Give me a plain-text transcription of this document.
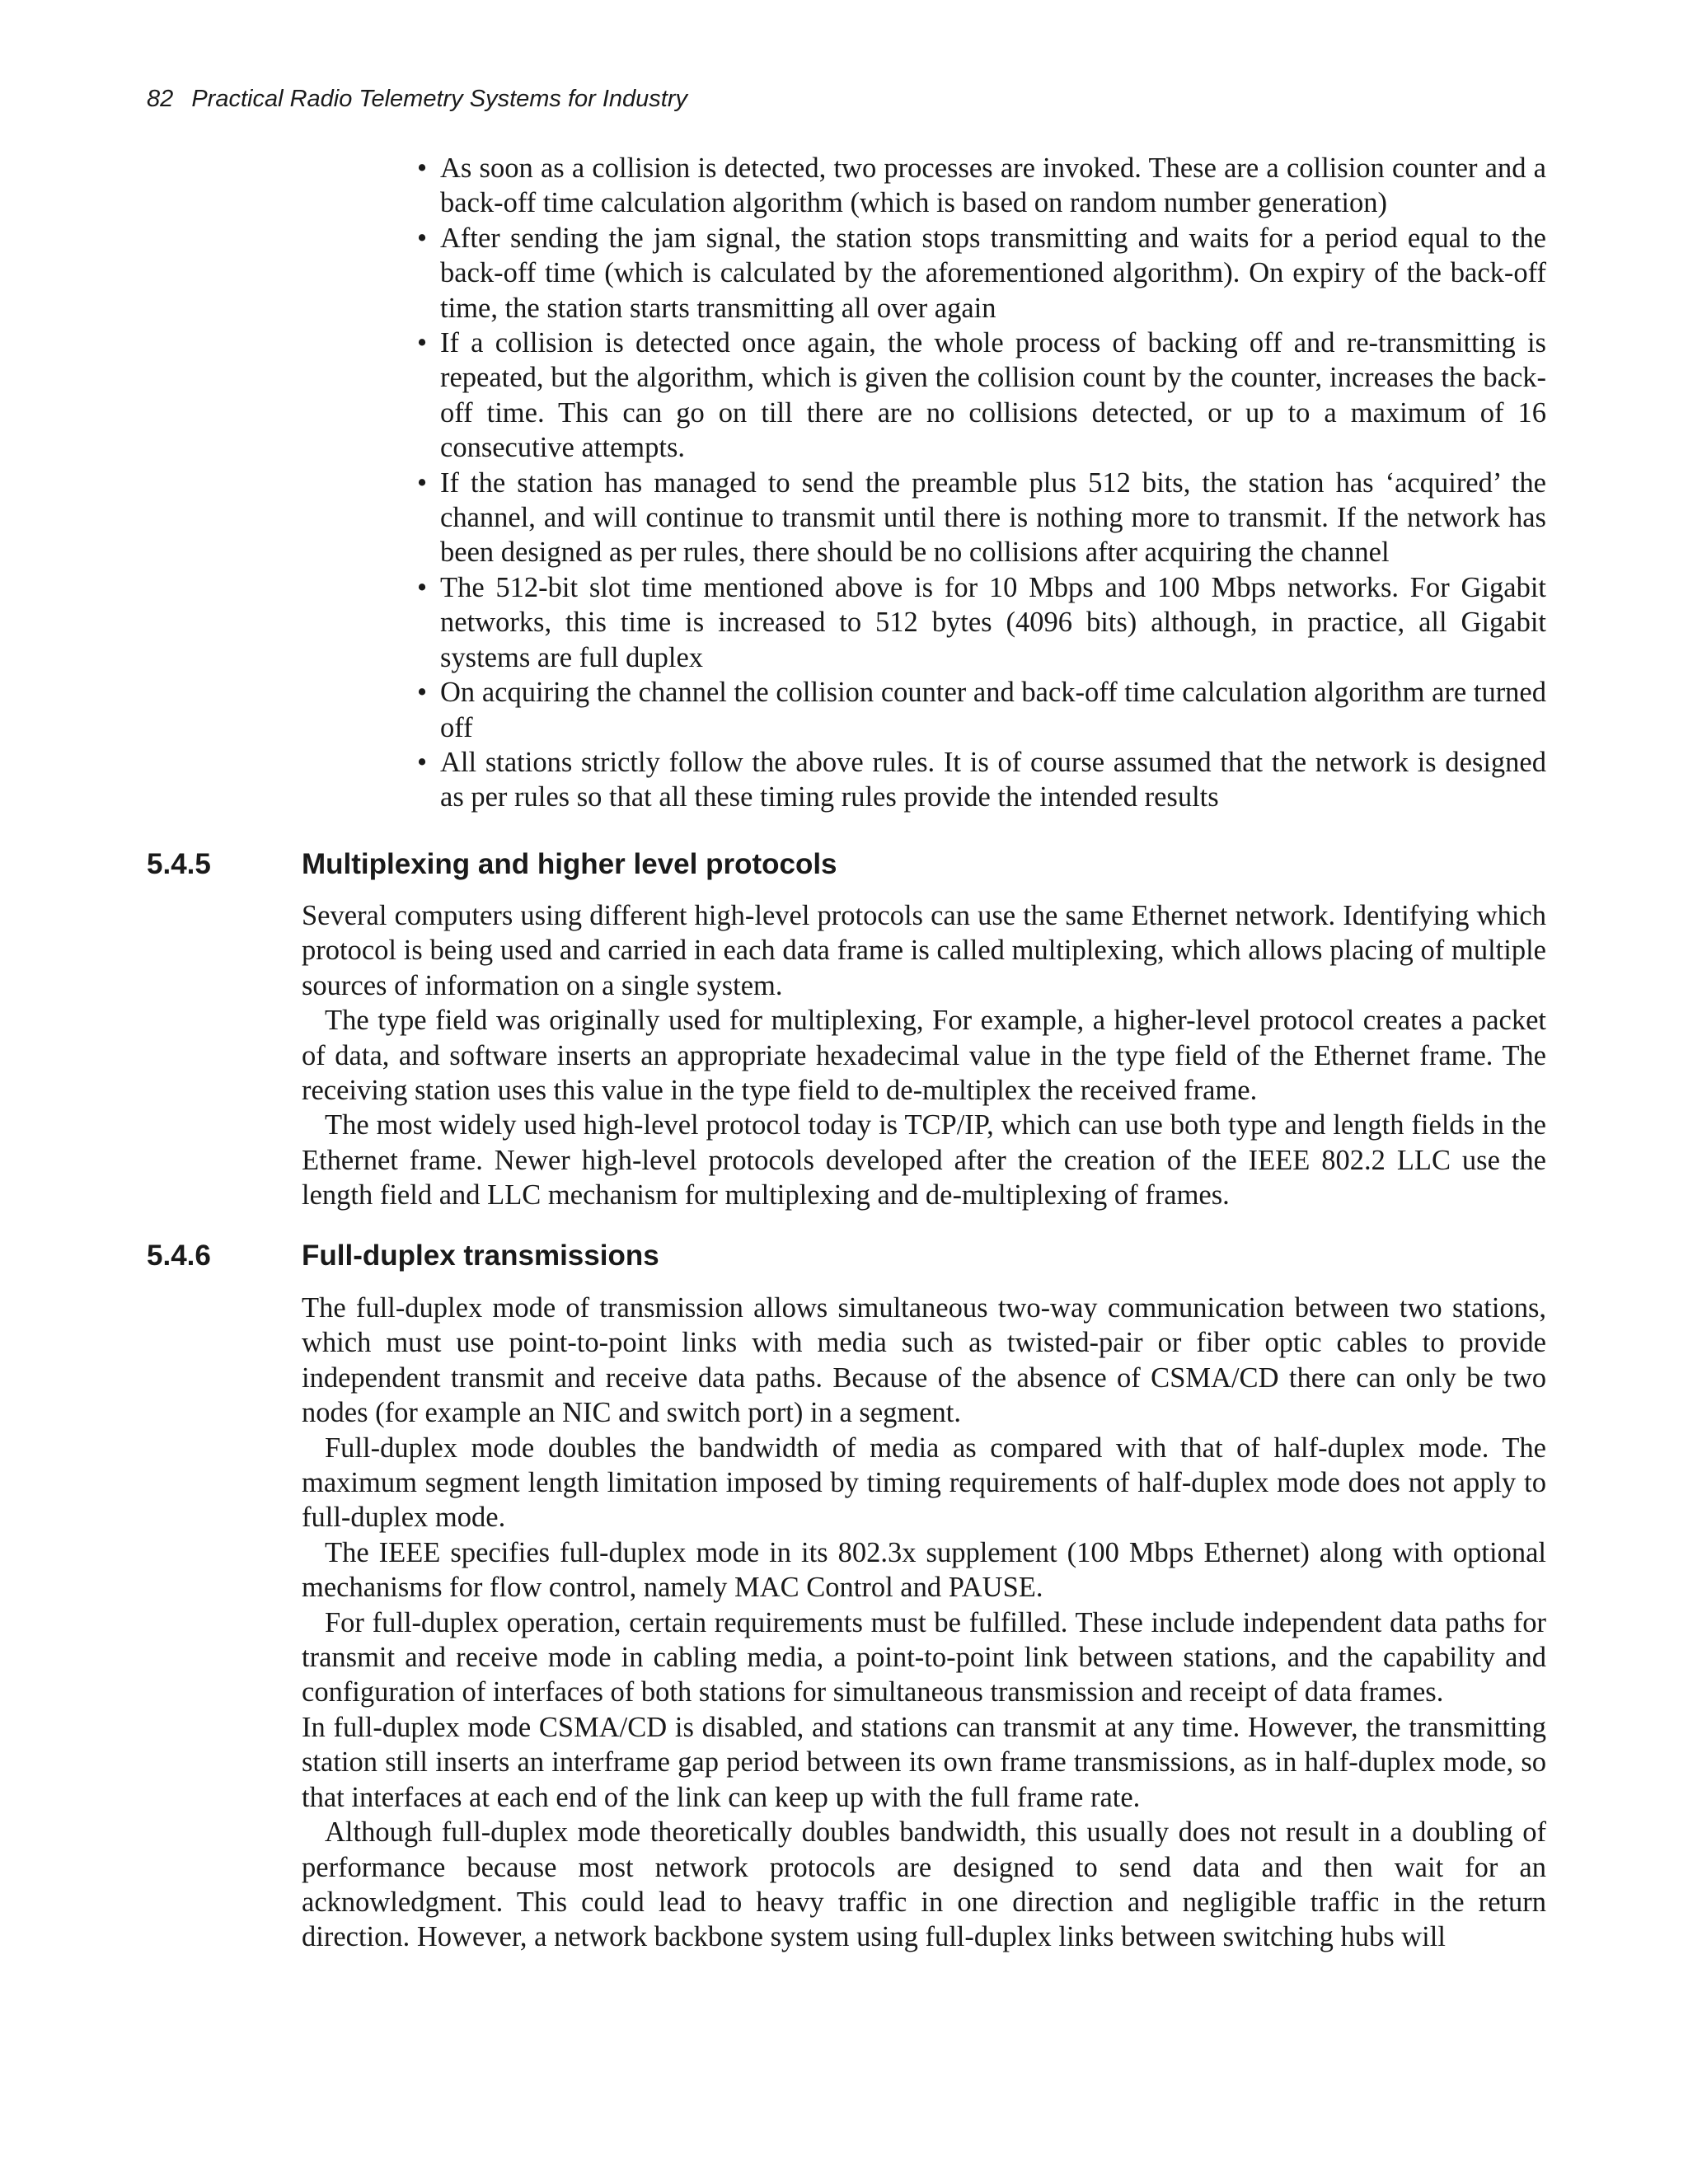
82 Practical Radio Telemetry Systems for Industry
• As soon as a collision is detected, two processes are invoked. These are a collision counter and a back-off time calculation algorithm (which is based on random number generation)
• After sending the jam signal, the station stops transmitting and waits for a period equal to the back-off time (which is calculated by the aforementioned algorithm). On expiry of the back-off time, the station starts transmitting all over again
• If a collision is detected once again, the whole process of backing off and re-transmitting is repeated, but the algorithm, which is given the collision count by the counter, increases the back-off time. This can go on till there are no collisions detected, or up to a maximum of 16 consecutive attempts.
• If the station has managed to send the preamble plus 512 bits, the station has ‘acquired’ the channel, and will continue to transmit until there is nothing more to transmit. If the network has been designed as per rules, there should be no collisions after acquiring the channel
• The 512-bit slot time mentioned above is for 10 Mbps and 100 Mbps networks. For Gigabit networks, this time is increased to 512 bytes (4096 bits) although, in practice, all Gigabit systems are full duplex
• On acquiring the channel the collision counter and back-off time calculation algorithm are turned off
• All stations strictly follow the above rules. It is of course assumed that the network is designed as per rules so that all these timing rules provide the intended results
5.4.5	Multiplexing and higher level protocols

Several computers using different high-level protocols can use the same Ethernet network. Identifying which protocol is being used and carried in each data frame is called multiplexing, which allows placing of multiple sources of information on a single system.

The type field was originally used for multiplexing, For example, a higher-level protocol creates a packet of data, and software inserts an appropriate hexadecimal value in the type field of the Ethernet frame. The receiving station uses this value in the type field to de-multiplex the received frame.

The most widely used high-level protocol today is TCP/IP, which can use both type and length fields in the Ethernet frame. Newer high-level protocols developed after the creation of the IEEE 802.2 LLC use the length field and LLC mechanism for multiplexing and de-multiplexing of frames.

5.4.6	Full-duplex transmissions

The full-duplex mode of transmission allows simultaneous two-way communication between two stations, which must use point-to-point links with media such as twisted-pair or fiber optic cables to provide independent transmit and receive data paths. Because of the absence of CSMA/CD there can only be two nodes (for example an NIC and switch port) in a segment.

Full-duplex mode doubles the bandwidth of media as compared with that of half-duplex mode. The maximum segment length limitation imposed by timing requirements of half-duplex mode does not apply to full-duplex mode.

The IEEE specifies full-duplex mode in its 802.3x supplement (100 Mbps Ethernet) along with optional mechanisms for flow control, namely MAC Control and PAUSE.

For full-duplex operation, certain requirements must be fulfilled. These include independent data paths for transmit and receive mode in cabling media, a point-to-point link between stations, and the capability and configuration of interfaces of both stations for simultaneous transmission and receipt of data frames.

In full-duplex mode CSMA/CD is disabled, and stations can transmit at any time. However, the transmitting station still inserts an interframe gap period between its own frame transmissions, as in half-duplex mode, so that interfaces at each end of the link can keep up with the full frame rate.

Although full-duplex mode theoretically doubles bandwidth, this usually does not result in a doubling of performance because most network protocols are designed to send data and then wait for an acknowledgment. This could lead to heavy traffic in one direction and negligible traffic in the return direction. However, a network backbone system using full-duplex links between switching hubs will
